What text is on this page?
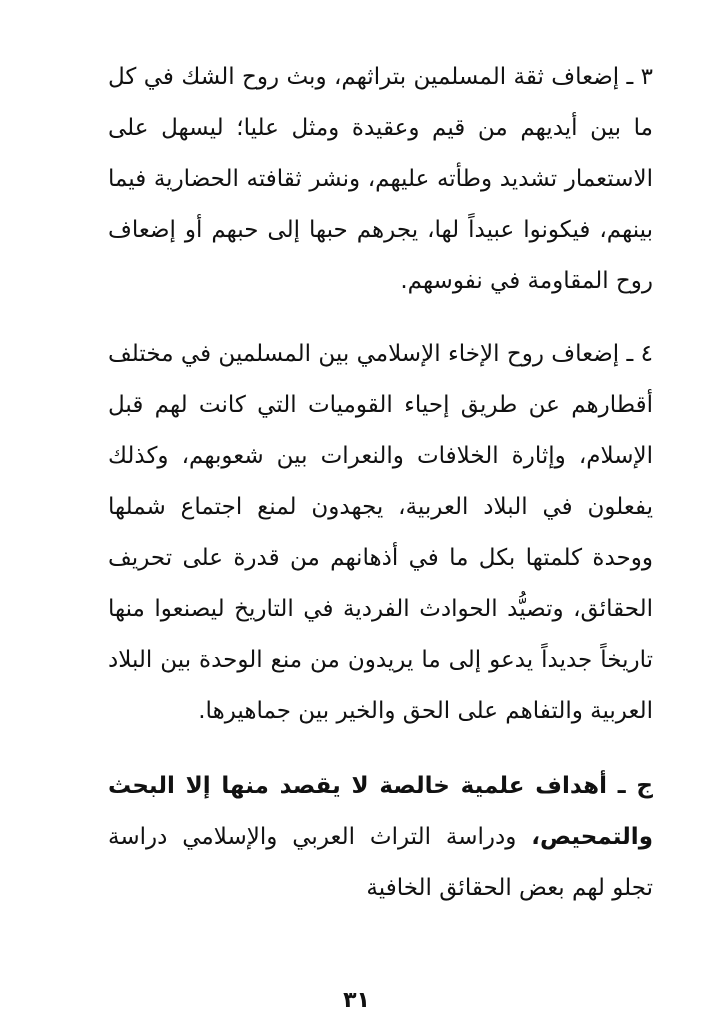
٣ ـ إضعاف ثقة المسلمين بتراثهم، وبث روح الشك في كل ما بين أيديهم من قيم وعقيدة ومثل عليا؛ ليسهل على الاستعمار تشديد وطأته عليهم، ونشر ثقافته الحضارية فيما بينهم، فيكونوا عبيداً لها، يجرهم حبها إلى حبهم أو إضعاف روح المقاومة في نفوسهم.

٤ ـ إضعاف روح الإخاء الإسلامي بين المسلمين في مختلف أقطارهم عن طريق إحياء القوميات التي كانت لهم قبل الإسلام، وإثارة الخلافات والنعرات بين شعوبهم، وكذلك يفعلون في البلاد العربية، يجهدون لمنع اجتماع شملها ووحدة كلمتها بكل ما في أذهانهم من قدرة على تحريف الحقائق، وتصيُّد الحوادث الفردية في التاريخ ليصنعوا منها تاريخاً جديداً يدعو إلى ما يريدون من منع الوحدة بين البلاد العربية والتفاهم على الحق والخير بين جماهيرها.

ج ـ أهداف علمية خالصة لا يقصد منها إلا البحث والتمحيص، ودراسة التراث العربي والإسلامي دراسة تجلو لهم بعض الحقائق الخافية

٣١
